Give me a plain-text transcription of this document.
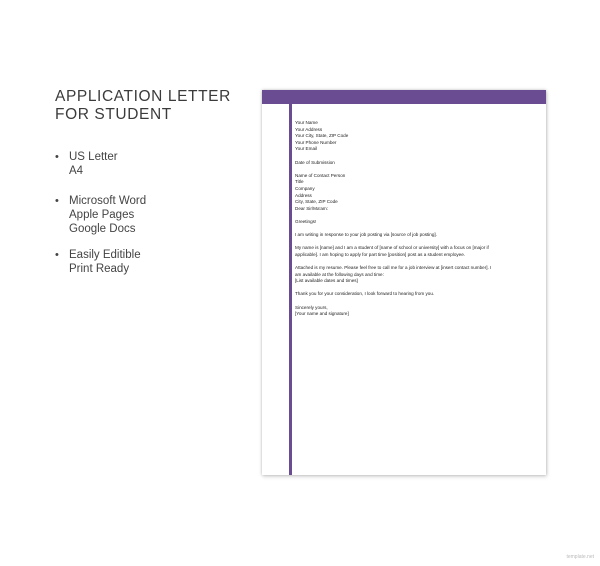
APPLICATION LETTER
FOR STUDENT
• US Letter
A4
• Microsoft Word
Apple Pages
Google Docs
• Easily Editible
Print Ready
Your Name
Your Address
Your City, State, ZIP Code
Your Phone Number
Your Email
Date of Submission
Name of Contact Person
Title
Company
Address
City, State, ZIP Code
Dear Sir/Ma'am:
Greetings!
I am writing in response to your job posting via [source of job posting].
My name is [name] and I am a student of [name of school or university] with a focus on [major if
applicable]. I am hoping to apply for part time [position] post as a student employee.
Attached is my resume. Please feel free to call me for a job interview at [insert contact number]. I
am available at the following days and time:
[List available dates and times]
Thank you for your consideration, I look forward to hearing from you.
Sincerely yours,
[Your name and signature]
template.net
